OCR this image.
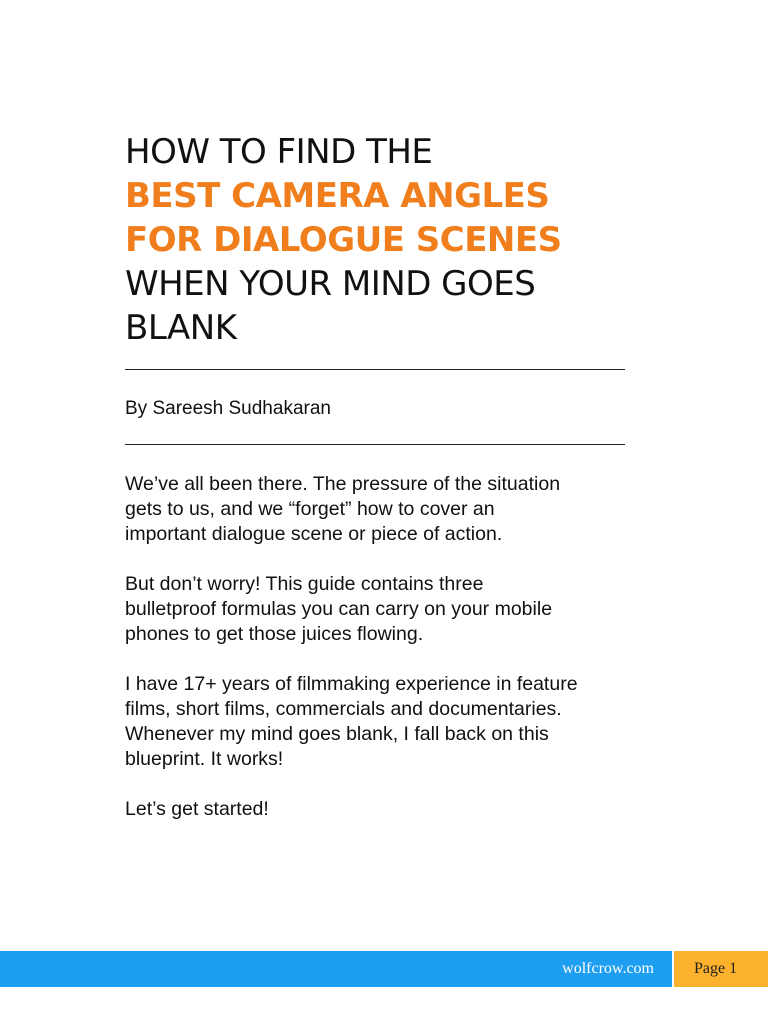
HOW TO FIND THE
BEST CAMERA ANGLES
FOR DIALOGUE SCENES
WHEN YOUR MIND GOES
BLANK
By Sareesh Sudhakaran

We’ve all been there. The pressure of the situation
gets to us, and we “forget” how to cover an
important dialogue scene or piece of action.

But don’t worry! This guide contains three
bulletproof formulas you can carry on your mobile
phones to get those juices flowing.

I have 17+ years of filmmaking experience in feature
films, short films, commercials and documentaries.
Whenever my mind goes blank, I fall back on this
blueprint. It works!

Let’s get started!

wolfcrow.com	Page 1
